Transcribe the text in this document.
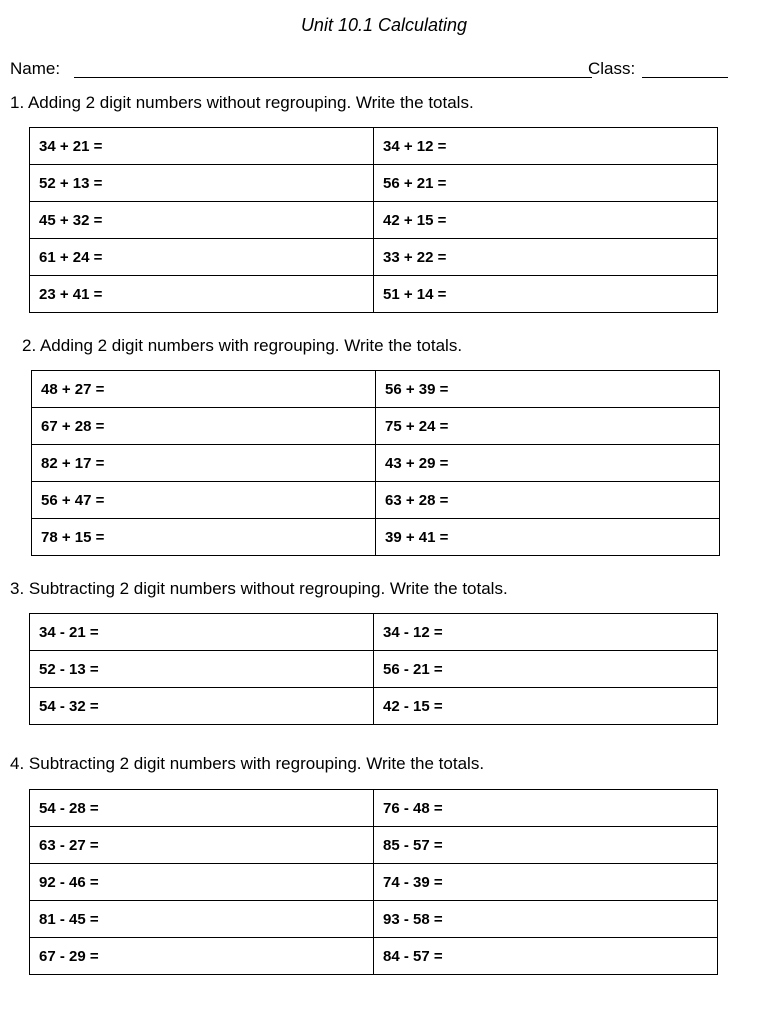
Unit 10.1 Calculating
Name:	Class:
1. Adding 2 digit numbers without regrouping. Write the totals.
34 + 21 =	34 + 12 =
52 + 13 =	56 + 21 =
45 + 32 =	42 + 15 =
61 + 24 =	33 + 22 =
23 + 41 =	51 + 14 =
2. Adding 2 digit numbers with regrouping. Write the totals.
48 + 27 =	56 + 39 =
67 + 28 =	75 + 24 =
82 + 17 =	43 + 29 =
56 + 47 =	63 + 28 =
78 + 15 =	39 + 41 =
3. Subtracting 2 digit numbers without regrouping. Write the totals.
34 - 21 =	34 - 12 =
52 - 13 =	56 - 21 =
54 - 32 =	42 - 15 =
4. Subtracting 2 digit numbers with regrouping. Write the totals.
54 - 28 =	76 - 48 =
63 - 27 =	85 - 57 =
92 - 46 =	74 - 39 =
81 - 45 =	93 - 58 =
67 - 29 =	84 - 57 =
